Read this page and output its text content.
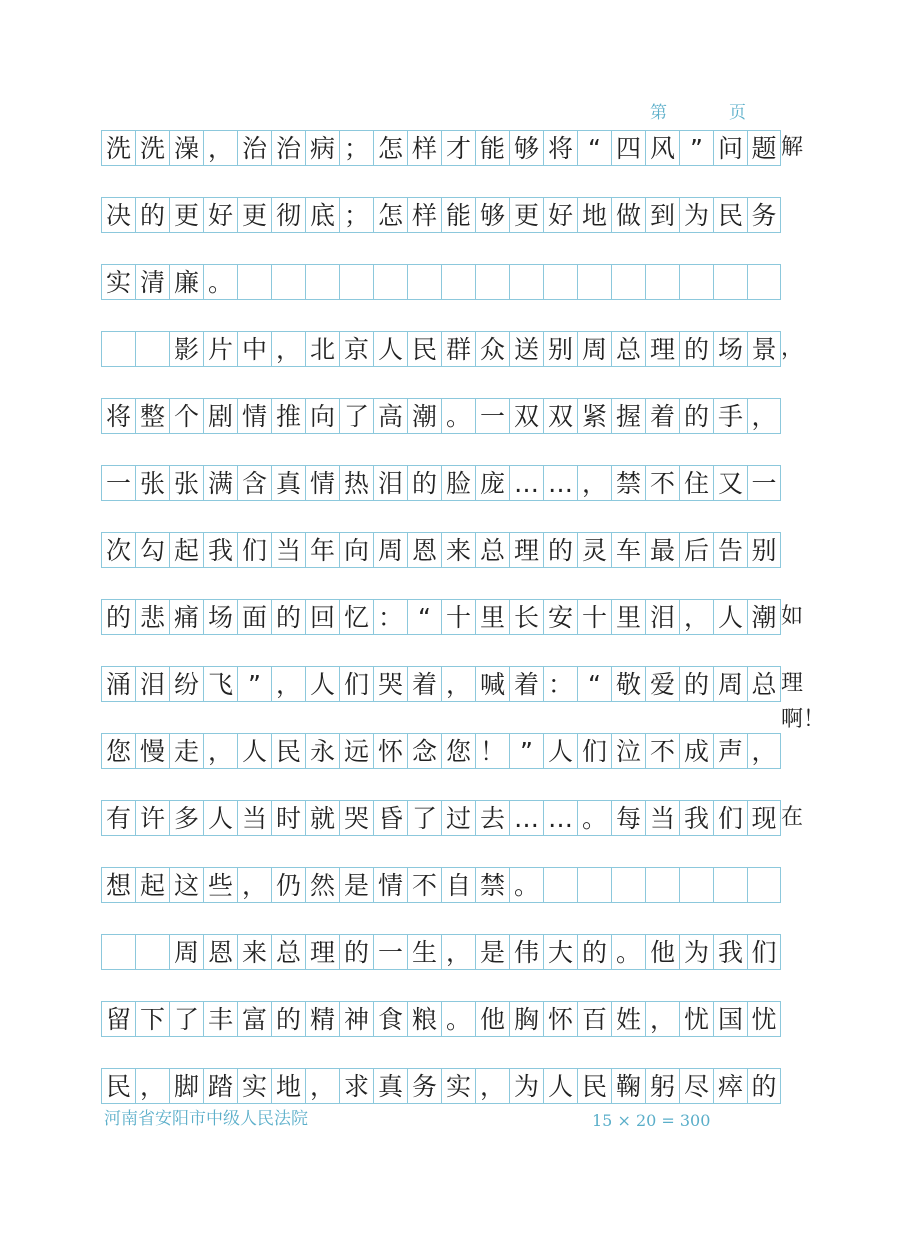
第	页
洗 洗 澡 ， 治 治 病 ； 怎 样 才 能 够 将 “ 四 风 ” 问 题 解
决 的 更 好 更 彻 底 ； 怎 样 能 够 更 好 地 做 到 为 民 务
实 清 廉 。
影 片 中 ， 北 京 人 民 群 众 送 别 周 总 理 的 场 景 ，
将 整 个 剧 情 推 向 了 高 潮 。 一 双 双 紧 握 着 的 手 ，
一 张 张 满 含 真 情 热 泪 的 脸 庞 … … ， 禁 不 住 又 一
次 勾 起 我 们 当 年 向 周 恩 来 总 理 的 灵 车 最 后 告 别
的 悲 痛 场 面 的 回 忆 ： “ 十 里 长 安 十 里 泪 ， 人 潮 如
涌 泪 纷 飞 ” ， 人 们 哭 着 ， 喊 着 ： “ 敬 爱 的 周 总 理啊！
您 慢 走 ， 人 民 永 远 怀 念 您 ！ ” 人 们 泣 不 成 声 ，
有 许 多 人 当 时 就 哭 昏 了 过 去 … … 。 每 当 我 们 现 在
想 起 这 些 ， 仍 然 是 情 不 自 禁 。
周 恩 来 总 理 的 一 生 ， 是 伟 大 的 。 他 为 我 们
留 下 了 丰 富 的 精 神 食 粮 。 他 胸 怀 百 姓 ， 忧 国 忧
民 ， 脚 踏 实 地 ， 求 真 务 实 ， 为 人 民 鞠 躬 尽 瘁 的
河南省安阳市中级人民法院	15 × 20 = 300
